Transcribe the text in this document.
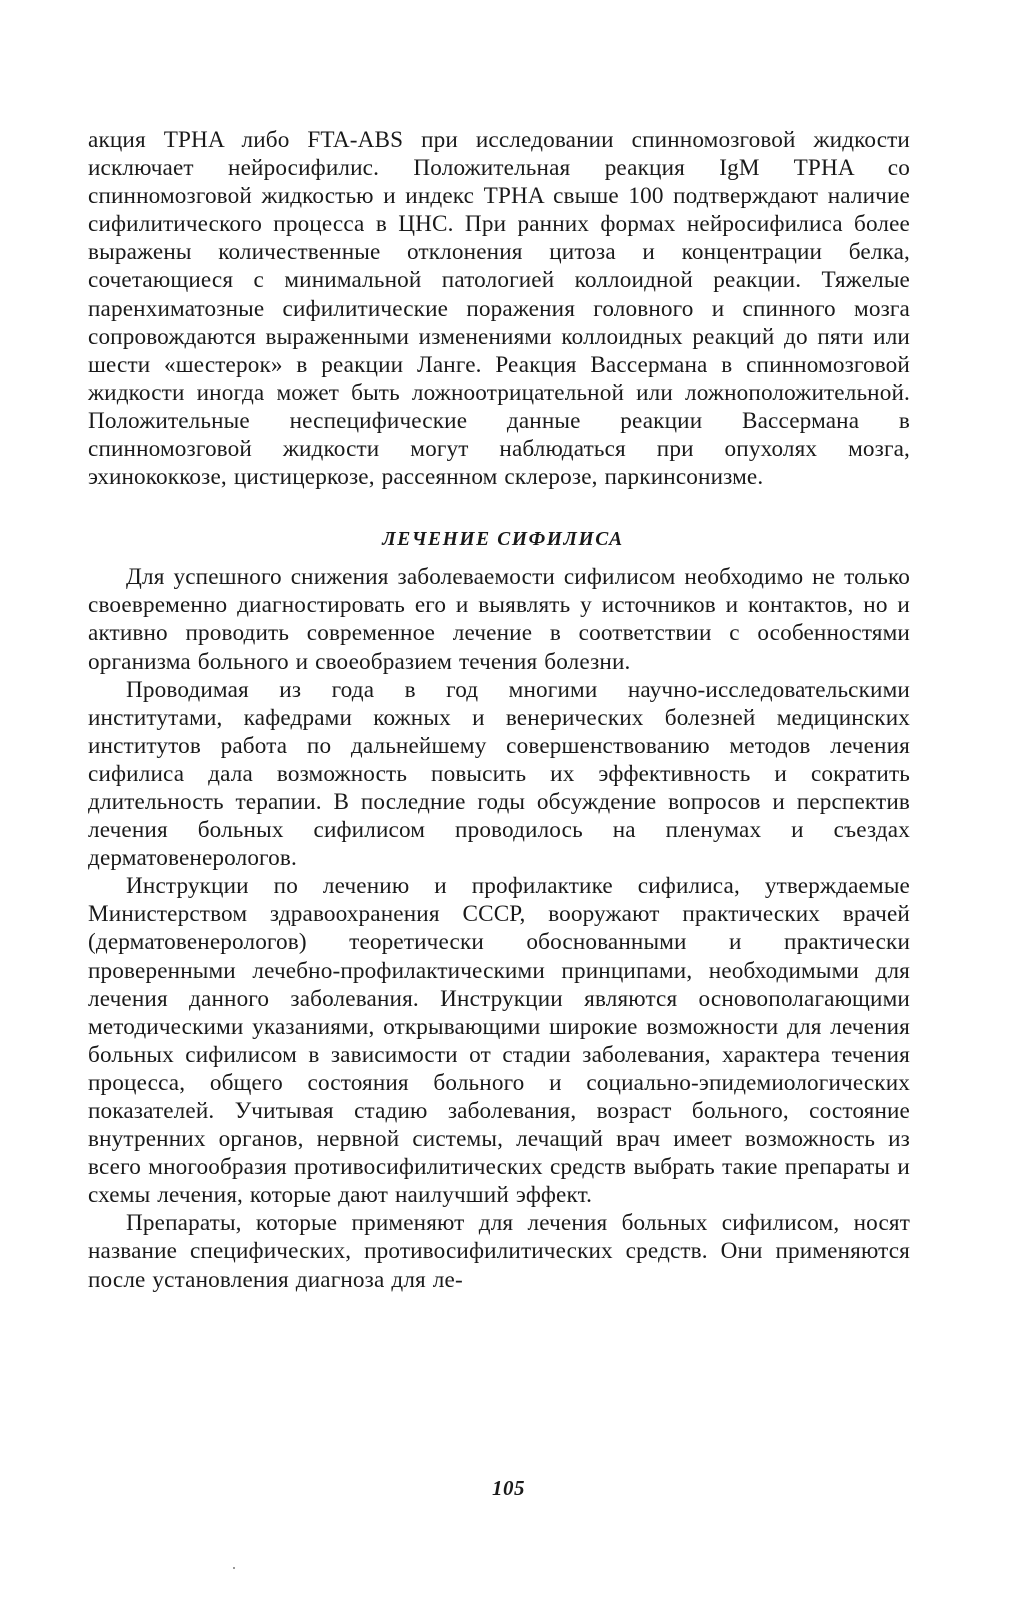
акция TPHA либо FTA-ABS при исследовании спинномозговой жидкости исключает нейросифилис. Положительная реакция IgM TPHA со спинномозговой жидкостью и индекс TPHA свыше 100 подтверждают наличие сифилитического процесса в ЦНС. При ранних формах нейросифилиса более выражены количественные отклонения цитоза и концентрации белка, сочетающиеся с минимальной патологией коллоидной реакции. Тяжелые паренхиматозные сифилитические поражения головного и спинного мозга сопровождаются выраженными изменениями коллоидных реакций до пяти или шести «шестерок» в реакции Ланге. Реакция Вассермана в спинномозговой жидкости иногда может быть ложноотрицательной или ложноположительной. Положительные неспецифические данные реакции Вассермана в спинномозговой жидкости могут наблюдаться при опухолях мозга, эхинококкозе, цистицеркозе, рассеянном склерозе, паркинсонизме.

ЛЕЧЕНИЕ СИФИЛИСА

Для успешного снижения заболеваемости сифилисом необходимо не только своевременно диагностировать его и выявлять у источников и контактов, но и активно проводить современное лечение в соответствии с особенностями организма больного и своеобразием течения болезни.

Проводимая из года в год многими научно-исследовательскими институтами, кафедрами кожных и венерических болезней медицинских институтов работа по дальнейшему совершенствованию методов лечения сифилиса дала возможность повысить их эффективность и сократить длительность терапии. В последние годы обсуждение вопросов и перспектив лечения больных сифилисом проводилось на пленумах и съездах дерматовенерологов.

Инструкции по лечению и профилактике сифилиса, утверждаемые Министерством здравоохранения СССР, вооружают практических врачей (дерматовенерологов) теоретически обоснованными и практически проверенными лечебно-профилактическими принципами, необходимыми для лечения данного заболевания. Инструкции являются основополагающими методическими указаниями, открывающими широкие возможности для лечения больных сифилисом в зависимости от стадии заболевания, характера течения процесса, общего состояния больного и социально-эпидемиологических показателей. Учитывая стадию заболевания, возраст больного, состояние внутренних органов, нервной системы, лечащий врач имеет возможность из всего многообразия противосифилитических средств выбрать такие препараты и схемы лечения, которые дают наилучший эффект.

Препараты, которые применяют для лечения больных сифилисом, носят название специфических, противосифилитических средств. Они применяются после установления диагноза для ле-

105
